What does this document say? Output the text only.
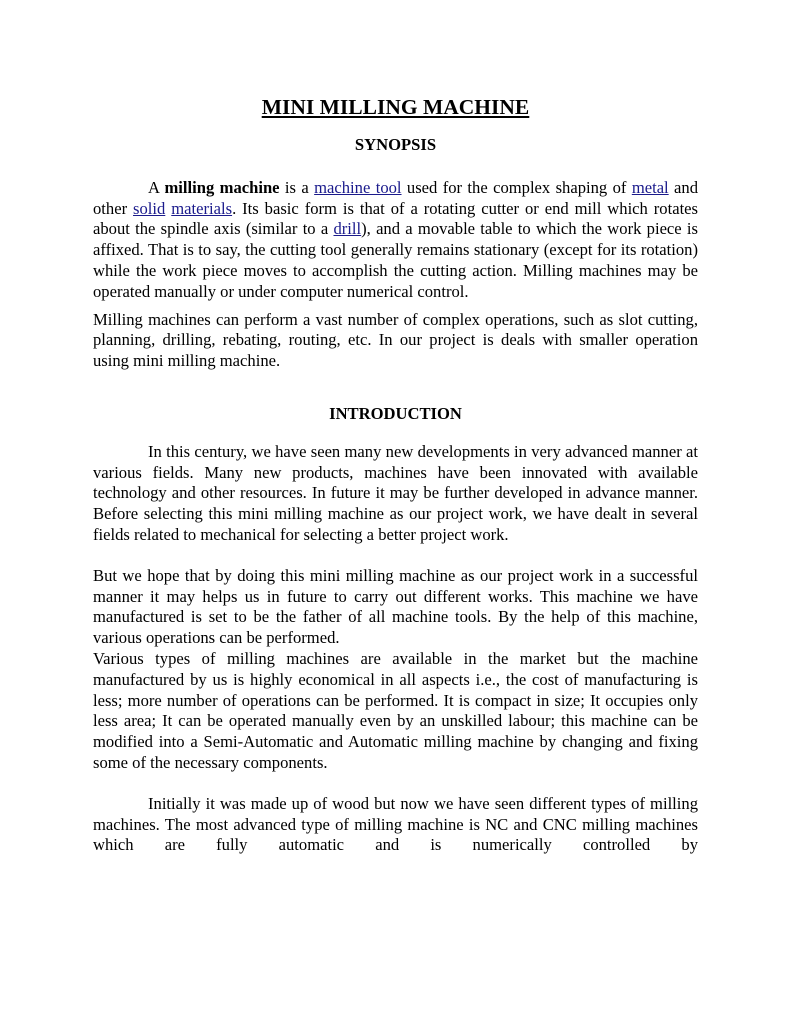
MINI MILLING MACHINE
SYNOPSIS

A milling machine is a machine tool used for the complex shaping of metal and other solid materials. Its basic form is that of a rotating cutter or end mill which rotates about the spindle axis (similar to a drill), and a movable table to which the work piece is affixed. That is to say, the cutting tool generally remains stationary (except for its rotation) while the work piece moves to accomplish the cutting action. Milling machines may be operated manually or under computer numerical control.

Milling machines can perform a vast number of complex operations, such as slot cutting, planning, drilling, rebating, routing, etc. In our project is deals with smaller operation using mini milling machine.

INTRODUCTION

In this century, we have seen many new developments in very advanced manner at various fields. Many new products, machines have been innovated with available technology and other resources. In future it may be further developed in advance manner. Before selecting this mini milling machine as our project work, we have dealt in several fields related to mechanical for selecting a better project work.

But we hope that by doing this mini milling machine as our project work in a successful manner it may helps us in future to carry out different works. This machine we have manufactured is set to be the father of all machine tools. By the help of this machine, various operations can be performed.

Various types of milling machines are available in the market but the machine manufactured by us is highly economical in all aspects i.e., the cost of manufacturing is less; more number of operations can be performed. It is compact in size; It occupies only less area; It can be operated manually even by an unskilled labour; this machine can be modified into a Semi-Automatic and Automatic milling machine by changing and fixing some of the necessary components.

Initially it was made up of wood but now we have seen different types of milling machines. The most advanced type of milling machine is NC and CNC milling machines which are fully automatic and is numerically controlled by
